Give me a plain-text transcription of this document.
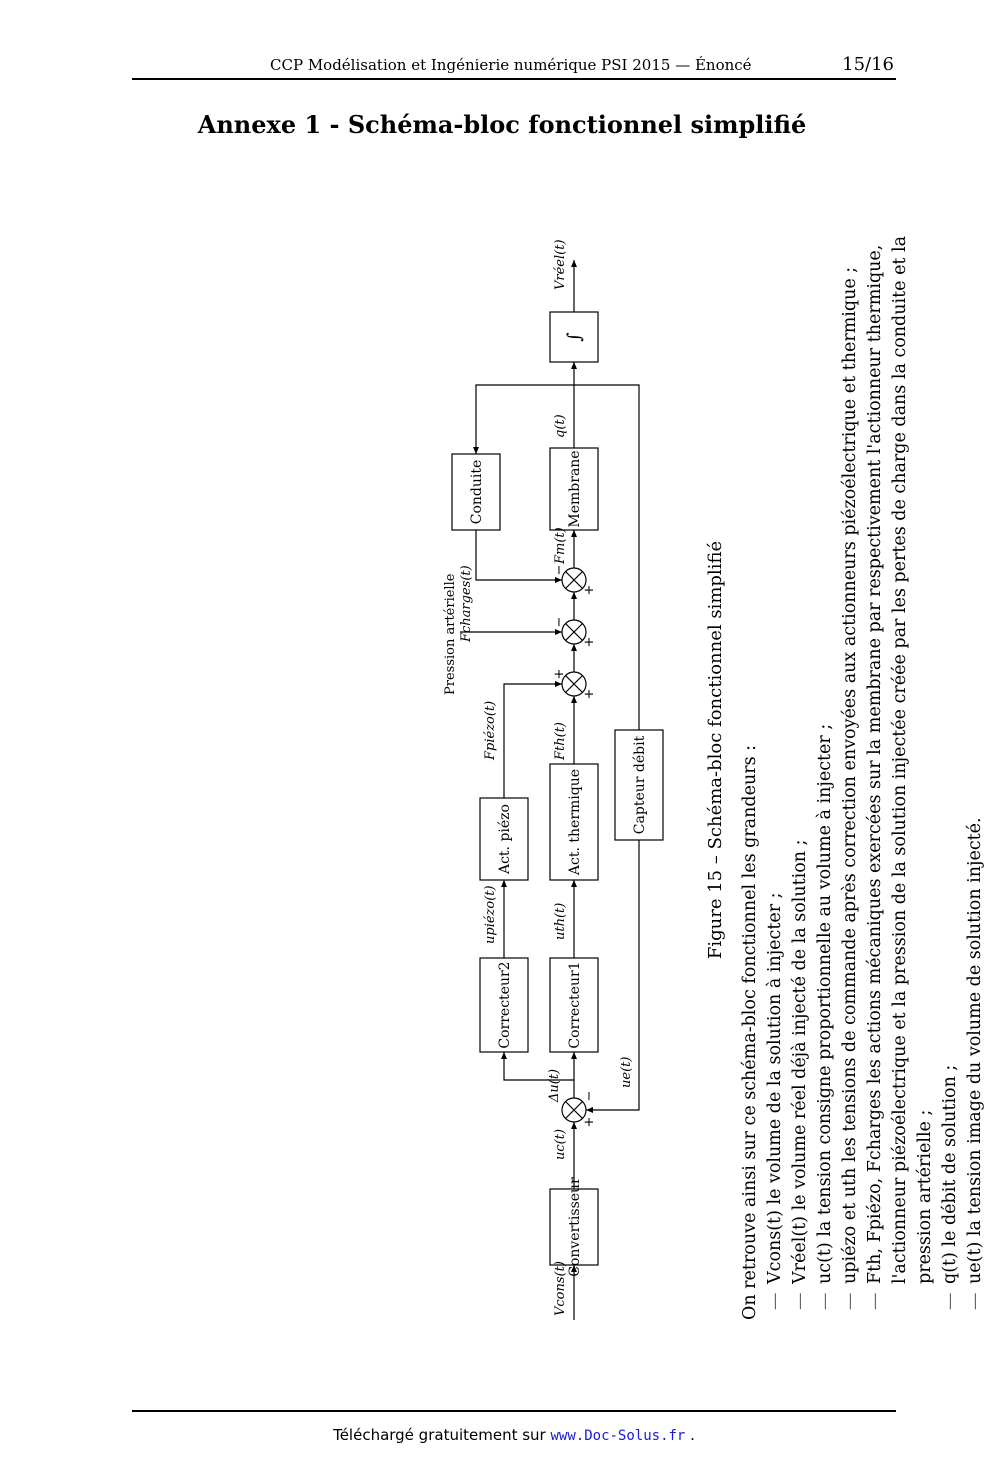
CCP Modélisation et Ingénierie numérique PSI 2015 — Énoncé	15/16
Annexe 1 - Schéma-bloc fonctionnel simplifié
Convertisseur
Correcteur1
Correcteur2
Act. thermique
Act. piézo
Capteur débit
Membrane
Conduite
∫
Vcons(t)
uc(t)
Δu(t)	ue(t)
upiézo(t)	uth(t)
Fpiézo(t)	Fth(t)
Pression artérielle Fcharges(t)
Fm(t)
q(t)
Vréel(t)
+
−
+
+
+
−
+
−	Figure 15 – Schéma-bloc fonctionnel simplifié On retrouve ainsi sur ce schéma-bloc fonctionnel les grandeurs : — Vcons(t) le volume de la solution à injecter ; — Vréel(t) le volume réel déjà injecté de la solution ; — uc(t) la tension consigne proportionnelle au volume à injecter ; — upiézo et uth les tensions de commande après correction envoyées aux actionneurs piézoélectrique et thermique ; — Fth, Fpiézo, Fcharges les actions mécaniques exercées sur la membrane par respectivement l'actionneur thermique, l'actionneur piézoélectrique et la pression de la solution injectée créée par les pertes de charge dans la conduite et la pression artérielle ; — q(t) le débit de solution ; — ue(t) la tension image du volume de solution injecté.
Téléchargé gratuitement sur www.Doc-Solus.fr .
